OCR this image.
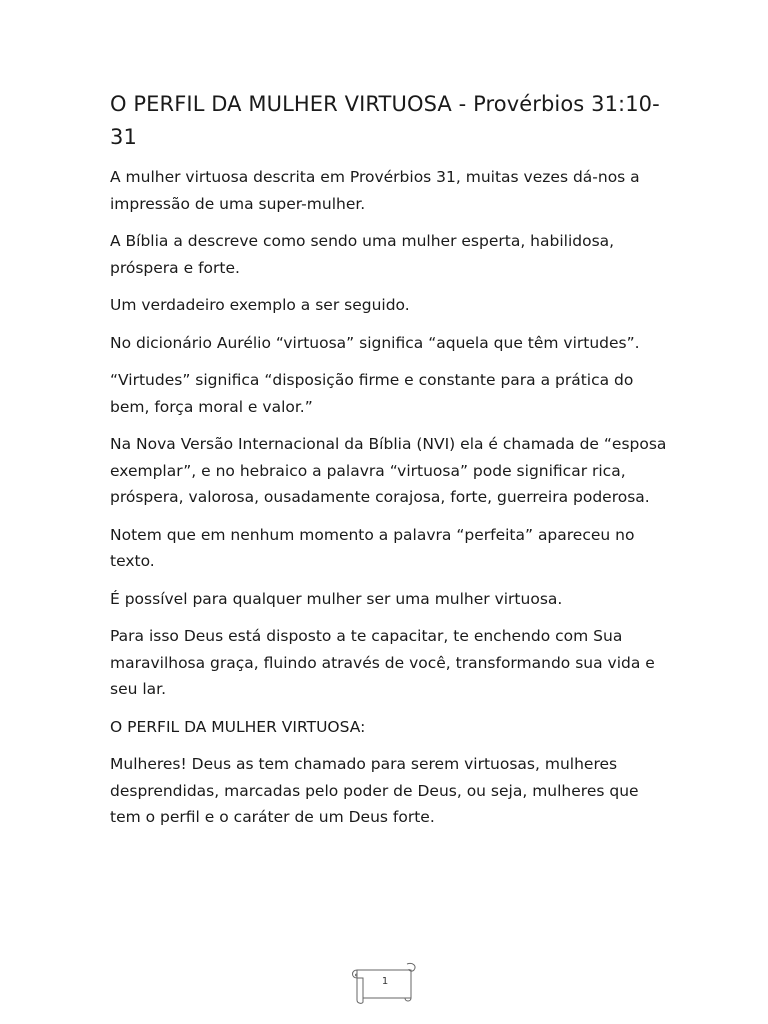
O PERFIL DA MULHER VIRTUOSA - Provérbios 31:10-31

A mulher virtuosa descrita em Provérbios 31, muitas vezes dá-nos a impressão de uma super-mulher.

A Bíblia a descreve como sendo uma mulher esperta, habilidosa, próspera e forte.

Um verdadeiro exemplo a ser seguido.

No dicionário Aurélio “virtuosa” significa “aquela que têm virtudes”.

“Virtudes” significa “disposição firme e constante para a prática do bem, força moral e valor.”

Na Nova Versão Internacional da Bíblia (NVI) ela é chamada de “esposa exemplar”, e no hebraico a palavra “virtuosa” pode significar rica, próspera, valorosa, ousadamente corajosa, forte, guerreira poderosa.

Notem que em nenhum momento a palavra “perfeita” apareceu no texto.

É possível para qualquer mulher ser uma mulher virtuosa.

Para isso Deus está disposto a te capacitar, te enchendo com Sua maravilhosa graça, fluindo através de você, transformando sua vida e seu lar.

O PERFIL DA MULHER VIRTUOSA:

Mulheres! Deus as tem chamado para serem virtuosas, mulheres desprendidas, marcadas pelo poder de Deus, ou seja, mulheres que tem o perfil e o caráter de um Deus forte.

1
